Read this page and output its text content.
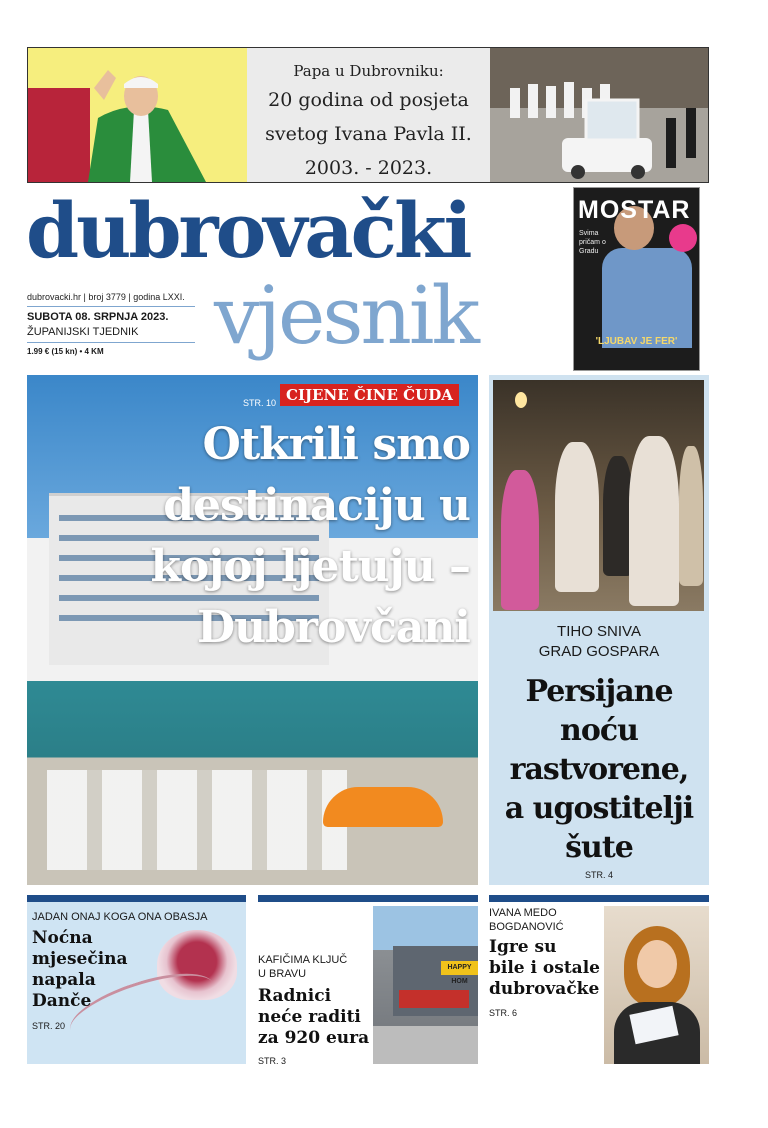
Papa u Dubrovniku:
20 godina od posjeta
svetog Ivana Pavla II.
2003. - 2023.
dubrovački
vjesnik
dubrovacki.hr | broj 3779 | godina LXXI.
SUBOTA 08. SRPNJA 2023.
ŽUPANIJSKI TJEDNIK
1.99 € (15 kn) • 4 KM
MOSTAR
Svima pričam o Gradu
'LJUBAV JE FER'
STR. 10 CIJENE ČINE ČUDA
Otkrili smo
destinaciju u
kojoj ljetuju –
Dubrovčani	TIHO SNIVA
GRAD GOSPARA
Persijane
noću
rastvorene,
a ugostitelji
šute
STR. 4
JADAN ONAJ KOGA ONA OBASJA
Noćna
mjesečina
napala
Danče
STR. 20
KAFIČIMA KLJUČ
U BRAVU
Radnici
neće raditi
za 920 eura
STR. 3
HAPPY HOM
IVANA MEDO
BOGDANOVIĆ
Igre su
bile i ostale
dubrovačke
STR. 6
